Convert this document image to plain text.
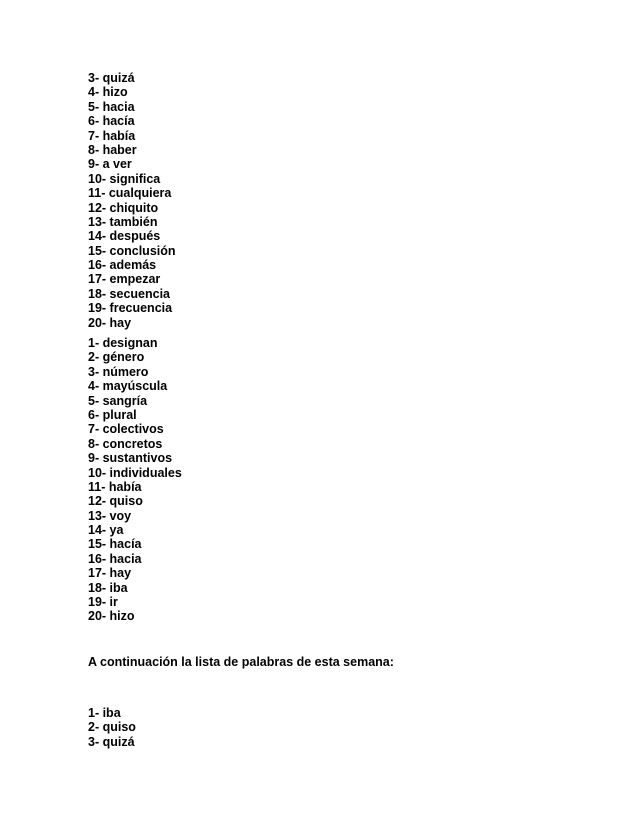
3- quizá
4- hizo
5- hacia
6- hacía
7- había
8- haber
9- a ver
10- significa
11- cualquiera
12- chiquito
13- también
14- después
15- conclusión
16- además
17- empezar
18- secuencia
19- frecuencia
20- hay
1- designan
2- género
3- número
4- mayúscula
5- sangría
6- plural
7- colectivos
8- concretos
9- sustantivos
10- individuales
11- había
12- quiso
13- voy
14- ya
15- hacía
16- hacia
17- hay
18- iba
19- ir
20- hizo

A continuación la lista de palabras de esta semana:

1- iba
2- quiso
3- quizá
